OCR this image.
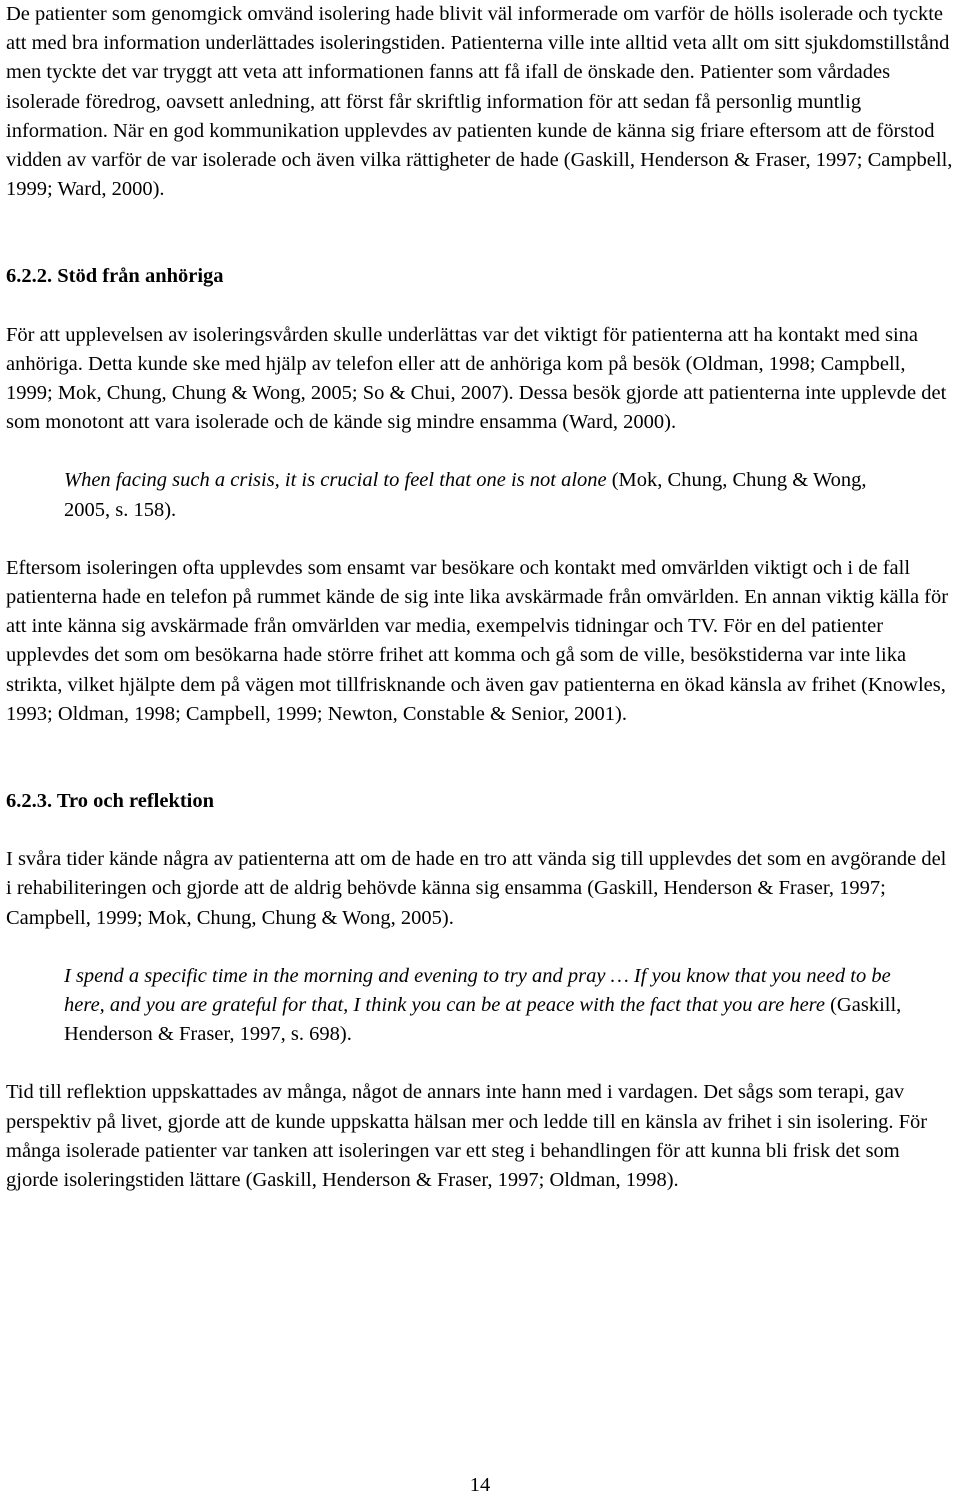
De patienter som genomgick omvänd isolering hade blivit väl informerade om varför de hölls isolerade och tyckte att med bra information underlättades isoleringstiden. Patienterna ville inte alltid veta allt om sitt sjukdomstillstånd men tyckte det var tryggt att veta att informationen fanns att få ifall de önskade den. Patienter som vårdades isolerade föredrog, oavsett anledning, att först får skriftlig information för att sedan få personlig muntlig information. När en god kommunikation upplevdes av patienten kunde de känna sig friare eftersom att de förstod vidden av varför de var isolerade och även vilka rättigheter de hade (Gaskill, Henderson & Fraser, 1997; Campbell, 1999; Ward, 2000).

6.2.2. Stöd från anhöriga

För att upplevelsen av isoleringsvården skulle underlättas var det viktigt för patienterna att ha kontakt med sina anhöriga. Detta kunde ske med hjälp av telefon eller att de anhöriga kom på besök (Oldman, 1998; Campbell, 1999; Mok, Chung, Chung & Wong, 2005; So & Chui, 2007). Dessa besök gjorde att patienterna inte upplevde det som monotont att vara isolerade och de kände sig mindre ensamma (Ward, 2000).

When facing such a crisis, it is crucial to feel that one is not alone (Mok, Chung, Chung & Wong, 2005, s. 158).

Eftersom isoleringen ofta upplevdes som ensamt var besökare och kontakt med omvärlden viktigt och i de fall patienterna hade en telefon på rummet kände de sig inte lika avskärmade från omvärlden. En annan viktig källa för att inte känna sig avskärmade från omvärlden var media, exempelvis tidningar och TV. För en del patienter upplevdes det som om besökarna hade större frihet att komma och gå som de ville, besökstiderna var inte lika strikta, vilket hjälpte dem på vägen mot tillfrisknande och även gav patienterna en ökad känsla av frihet (Knowles, 1993; Oldman, 1998; Campbell, 1999; Newton, Constable & Senior, 2001).

6.2.3. Tro och reflektion

I svåra tider kände några av patienterna att om de hade en tro att vända sig till upplevdes det som en avgörande del i rehabiliteringen och gjorde att de aldrig behövde känna sig ensamma (Gaskill, Henderson & Fraser, 1997; Campbell, 1999; Mok, Chung, Chung & Wong, 2005).

I spend a specific time in the morning and evening to try and pray … If you know that you need to be here, and you are grateful for that, I think you can be at peace with the fact that you are here (Gaskill, Henderson & Fraser, 1997, s. 698).

Tid till reflektion uppskattades av många, något de annars inte hann med i vardagen. Det sågs som terapi, gav perspektiv på livet, gjorde att de kunde uppskatta hälsan mer och ledde till en känsla av frihet i sin isolering. För många isolerade patienter var tanken att isoleringen var ett steg i behandlingen för att kunna bli frisk det som gjorde isoleringstiden lättare (Gaskill, Henderson & Fraser, 1997; Oldman, 1998).

14
